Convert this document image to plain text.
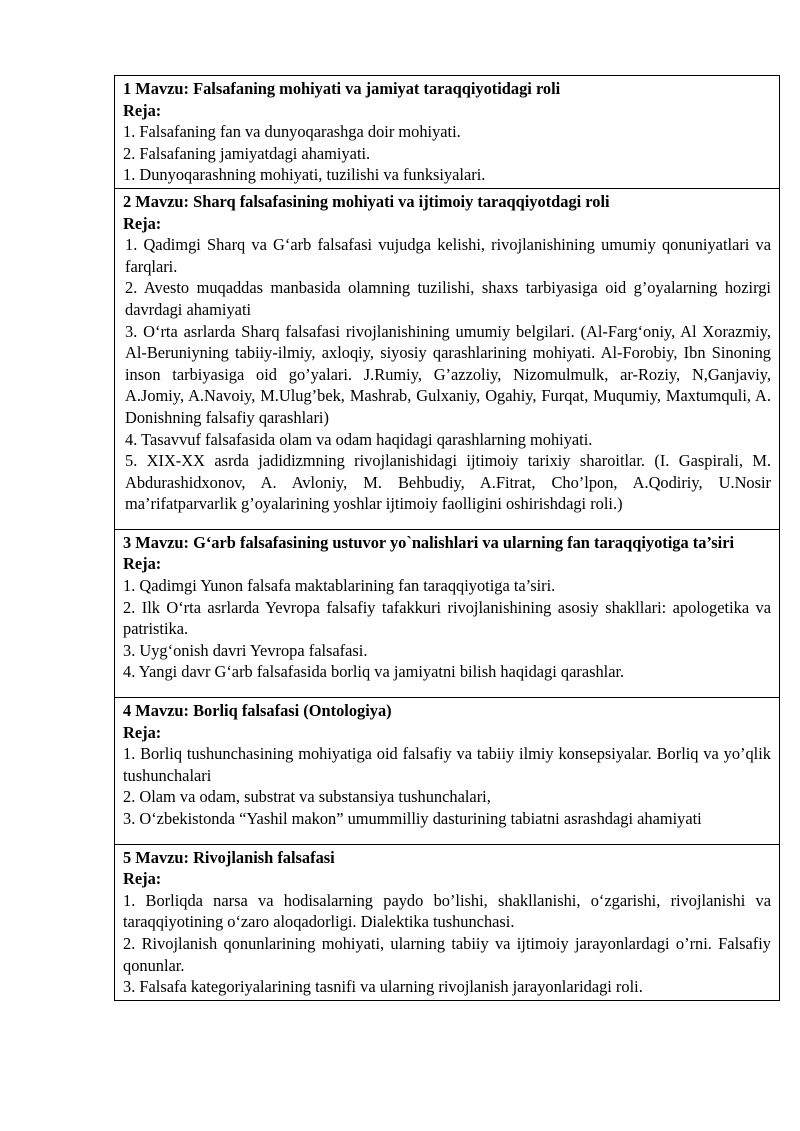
1 Mavzu: Falsafaning mohiyati va jamiyat taraqqiyotidagi roli
Reja:
1. Falsafaning fan va dunyoqarashga doir mohiyati.
2. Falsafaning jamiyatdagi ahamiyati.
1. Dunyoqarashning mohiyati, tuzilishi va funksiyalari.
2 Mavzu: Sharq falsafasining mohiyati va ijtimoiy taraqqiyotdagi roli
Reja:
1. Qadimgi Sharq va G‘arb falsafasi vujudga kelishi, rivojlanishining umumiy qonuniyatlari va farqlari.
2. Avesto muqaddas manbasida olamning tuzilishi, shaxs tarbiyasiga oid g’oyalarning hozirgi davrdagi ahamiyati
3. O‘rta asrlarda Sharq falsafasi rivojlanishining umumiy belgilari. (Al-Farg‘oniy, Al Xorazmiy, Al-Beruniyning tabiiy-ilmiy, axloqiy, siyosiy qarashlarining mohiyati. Al-Forobiy, Ibn Sinoning inson tarbiyasiga oid go’yalari. J.Rumiy, G’azzoliy, Nizomulmulk, ar-Roziy, N,Ganjaviy, A.Jomiy, A.Navoiy, M.Ulug’bek, Mashrab, Gulxaniy, Ogahiy, Furqat, Muqumiy, Maxtumquli, A. Donishning falsafiy qarashlari)
4. Tasavvuf falsafasida olam va odam haqidagi qarashlarning mohiyati.
5. XIX-XX asrda jadidizmning rivojlanishidagi ijtimoiy tarixiy sharoitlar. (I. Gaspirali, M. Abdurashidxonov, A. Avloniy, M. Behbudiy, A.Fitrat, Cho’lpon, A.Qodiriy, U.Nosir ma’rifatparvarlik g’oyalarining yoshlar ijtimoiy faolligini oshirishdagi roli.)
3 Mavzu: G‘arb falsafasining ustuvor yo`nalishlari va ularning fan taraqqiyotiga ta’siri
Reja:
1. Qadimgi Yunon falsafa maktablarining fan taraqqiyotiga ta’siri.
2. Ilk O‘rta asrlarda Yevropa falsafiy tafakkuri rivojlanishining asosiy shakllari: apologetika va patristika.
3. Uyg‘onish davri Yevropa falsafasi.
4. Yangi davr G‘arb falsafasida borliq va jamiyatni bilish haqidagi qarashlar.
4 Mavzu: Borliq falsafasi (Ontologiya)
Reja:
1. Borliq tushunchasining mohiyatiga oid falsafiy va tabiiy ilmiy konsepsiyalar. Borliq va yo’qlik tushunchalari
2. Olam va odam, substrat va substansiya tushunchalari,
3. O‘zbekistonda “Yashil makon” umummilliy dasturining tabiatni asrashdagi ahamiyati
5 Mavzu: Rivojlanish falsafasi
Reja:
1. Borliqda narsa va hodisalarning paydo bo’lishi, shakllanishi, o‘zgarishi, rivojlanishi va taraqqiyotining o‘zaro aloqadorligi. Dialektika tushunchasi.
2. Rivojlanish qonunlarining mohiyati, ularning tabiiy va ijtimoiy jarayonlardagi o’rni. Falsafiy qonunlar.
3. Falsafa kategoriyalarining tasnifi va ularning rivojlanish jarayonlaridagi roli.
